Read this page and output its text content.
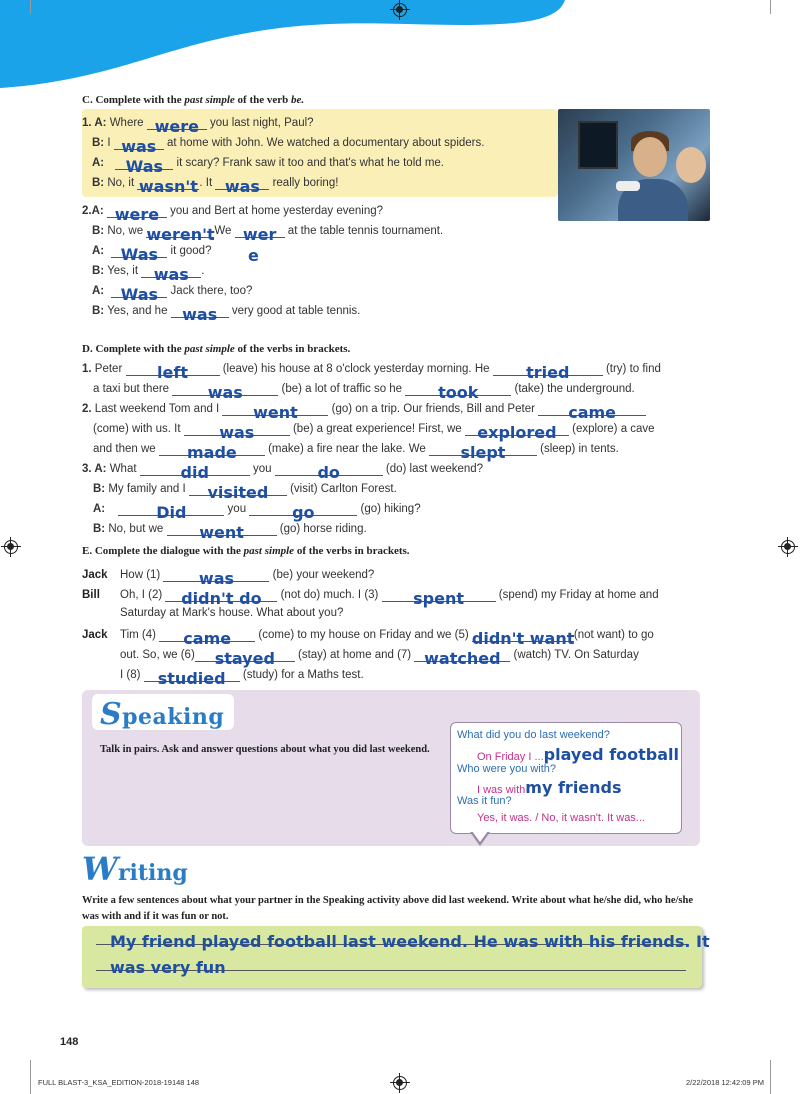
C. Complete with the past simple of the verb be.
1. A: Where were you last night, Paul?
B: I was at home with John. We watched a documentary about spiders.
A:	Was	it scary? Frank saw it too and that's what he told me.
B: No, it wasn't . It was	really boring!
2.A: were you and Bert at home yesterday evening?
B: No, we weren't We wer at the table tennis tournament.
e
A:	Was	it good?
B: Yes, it was	.
A:	Was	Jack there, too?
B: Yes, and he was	very good at table tennis.
D. Complete with the past simple of the verbs in brackets.
1. Peter	left	(leave) his house at 8 o'clock yesterday morning. He	tried	(try) to find
a taxi but there	was	(be) a lot of traffic so he	took	(take) the underground.
2. Last weekend Tom and I	went	(go) on a trip. Our friends, Bill and Peter	came
(come) with us. It	was	(be) a great experience! First, we explored	(explore) a cave
and then we	made	(make) a fire near the lake. We	slept	(sleep) in tents.
3. A: What	did	you	do	(do) last weekend?
B: My family and I	visited	(visit) Carlton Forest.
A:	Did	you	go	(go) hiking?
B: No, but we	went	(go) horse riding.
E. Complete the dialogue with the past simple of the verbs in brackets.
Jack How (1)	was	(be) your weekend?
Bill Oh, I (2)	didn't do	(not do) much. I (3)	spent	(spend) my Friday at home and
Saturday at Mark's house. What about you?
Jack Tim (4)	came	(come) to my house on Friday and we (5) didn't want (not want) to go
out. So, we (6)	stayed	(stay) at home and (7) watched	(watch) TV. On Saturday
I (8)	studied	(study) for a Maths test.
Speaking
Talk in pairs. Ask and answer questions about what you did last weekend.
What did you do last weekend?
On Friday I ...played football
Who were you with?
I was withmy friends
Was it fun?
Yes, it was. / No, it wasn't. It was...
Writing
Write a few sentences about what your partner in the Speaking activity above did last weekend. Write about what he/she did, who he/she was with and if it was fun or not.
My friend played football last weekend. He was with his friends. It
was very fun
148
FULL BLAST-3_KSA_EDITION-2018-19148 148	2/22/2018 12:42:09 PM
